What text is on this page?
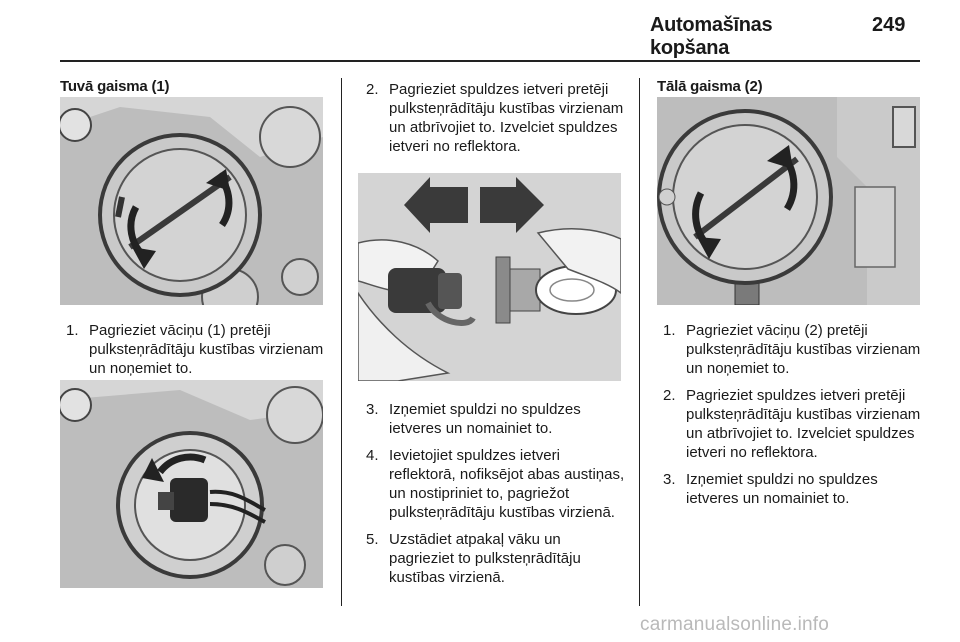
Automašīnas kopšana
249
Tuvā gaisma (1)
1. Pagrieziet vāciņu (1) pretēji pulksteņrādītāju kustības virzienam un noņemiet to.
2. Pagrieziet spuldzes ietveri pretēji pulksteņrādītāju kustības virzienam un atbrīvojiet to. Izvelciet spuldzes ietveri no reflektora.
3. Izņemiet spuldzi no spuldzes ietveres un nomainiet to.
4. Ievietojiet spuldzes ietveri reflektorā, nofiksējot abas austiņas, un nostipriniet to, pagriežot pulksteņrādītāju kustības virzienā.
5. Uzstādiet atpakaļ vāku un pagrieziet to pulksteņrādītāju kustības virzienā.
Tālā gaisma (2)
1. Pagrieziet vāciņu (2) pretēji pulksteņrādītāju kustības virzienam un noņemiet to.
2. Pagrieziet spuldzes ietveri pretēji pulksteņrādītāju kustības virzienam un atbrīvojiet to. Izvelciet spuldzes ietveri no reflektora.
3. Izņemiet spuldzi no spuldzes ietveres un nomainiet to.
carmanualsonline.info
